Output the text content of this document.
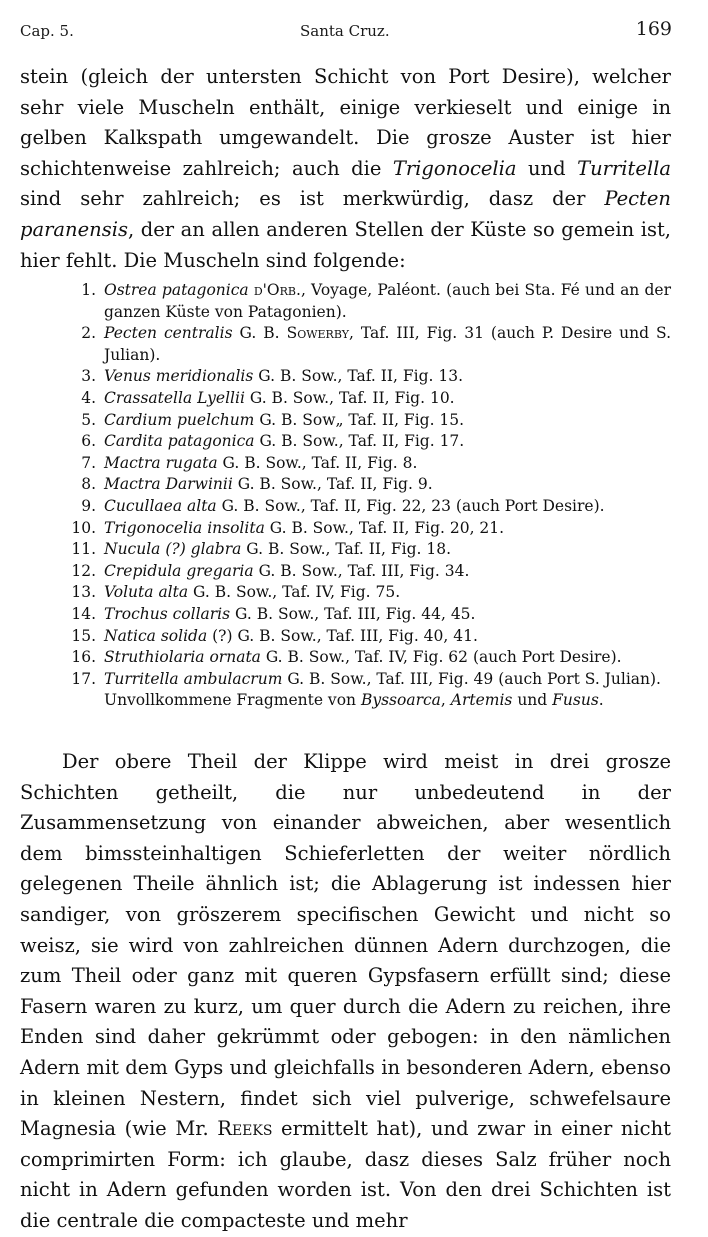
Cap. 5.	Santa Cruz.	169

stein (gleich der untersten Schicht von Port Desire), welcher sehr viele Muscheln enthält, einige verkieselt und einige in gelben Kalkspath umgewandelt. Die grosze Auster ist hier schichtenweise zahlreich; auch die Trigonocelia und Turritella sind sehr zahlreich; es ist merkwürdig, dasz der Pecten paranensis, der an allen anderen Stellen der Küste so gemein ist, hier fehlt. Die Muscheln sind folgende:

1. Ostrea patagonica d'Orb., Voyage, Paléont. (auch bei Sta. Fé und an der ganzen Küste von Patagonien).
2. Pecten centralis G. B. Sowerby, Taf. III, Fig. 31 (auch P. Desire und S. Julian).
3. Venus meridionalis G. B. Sow., Taf. II, Fig. 13.
4. Crassatella Lyellii G. B. Sow., Taf. II, Fig. 10.
5. Cardium puelchum G. B. Sow„ Taf. II, Fig. 15.
6. Cardita patagonica G. B. Sow., Taf. II, Fig. 17.
7. Mactra rugata G. B. Sow., Taf. II, Fig. 8.
8. Mactra Darwinii G. B. Sow., Taf. II, Fig. 9.
9. Cucullaea alta G. B. Sow., Taf. II, Fig. 22, 23 (auch Port Desire).
10. Trigonocelia insolita G. B. Sow., Taf. II, Fig. 20, 21.
11. Nucula (?) glabra G. B. Sow., Taf. II, Fig. 18.
12. Crepidula gregaria G. B. Sow., Taf. III, Fig. 34.
13. Voluta alta G. B. Sow., Taf. IV, Fig. 75.
14. Trochus collaris G. B. Sow., Taf. III, Fig. 44, 45.
15. Natica solida (?) G. B. Sow., Taf. III, Fig. 40, 41.
16. Struthiolaria ornata G. B. Sow., Taf. IV, Fig. 62 (auch Port Desire).
17. Turritella ambulacrum G. B. Sow., Taf. III, Fig. 49 (auch Port S. Julian).
Unvollkommene Fragmente von Byssoarca, Artemis und Fusus.

Der obere Theil der Klippe wird meist in drei grosze Schichten getheilt, die nur unbedeutend in der Zusammensetzung von einander abweichen, aber wesentlich dem bimssteinhaltigen Schieferletten der weiter nördlich gelegenen Theile ähnlich ist; die Ablagerung ist indessen hier sandiger, von gröszerem specifischen Gewicht und nicht so weisz, sie wird von zahlreichen dünnen Adern durchzogen, die zum Theil oder ganz mit queren Gypsfasern erfüllt sind; diese Fasern waren zu kurz, um quer durch die Adern zu reichen, ihre Enden sind daher gekrümmt oder gebogen: in den nämlichen Adern mit dem Gyps und gleichfalls in besonderen Adern, ebenso in kleinen Nestern, findet sich viel pulverige, schwefelsaure Magnesia (wie Mr. Reeks ermittelt hat), und zwar in einer nicht comprimirten Form: ich glaube, dasz dieses Salz früher noch nicht in Adern gefunden worden ist. Von den drei Schichten ist die centrale die compacteste und mehr
